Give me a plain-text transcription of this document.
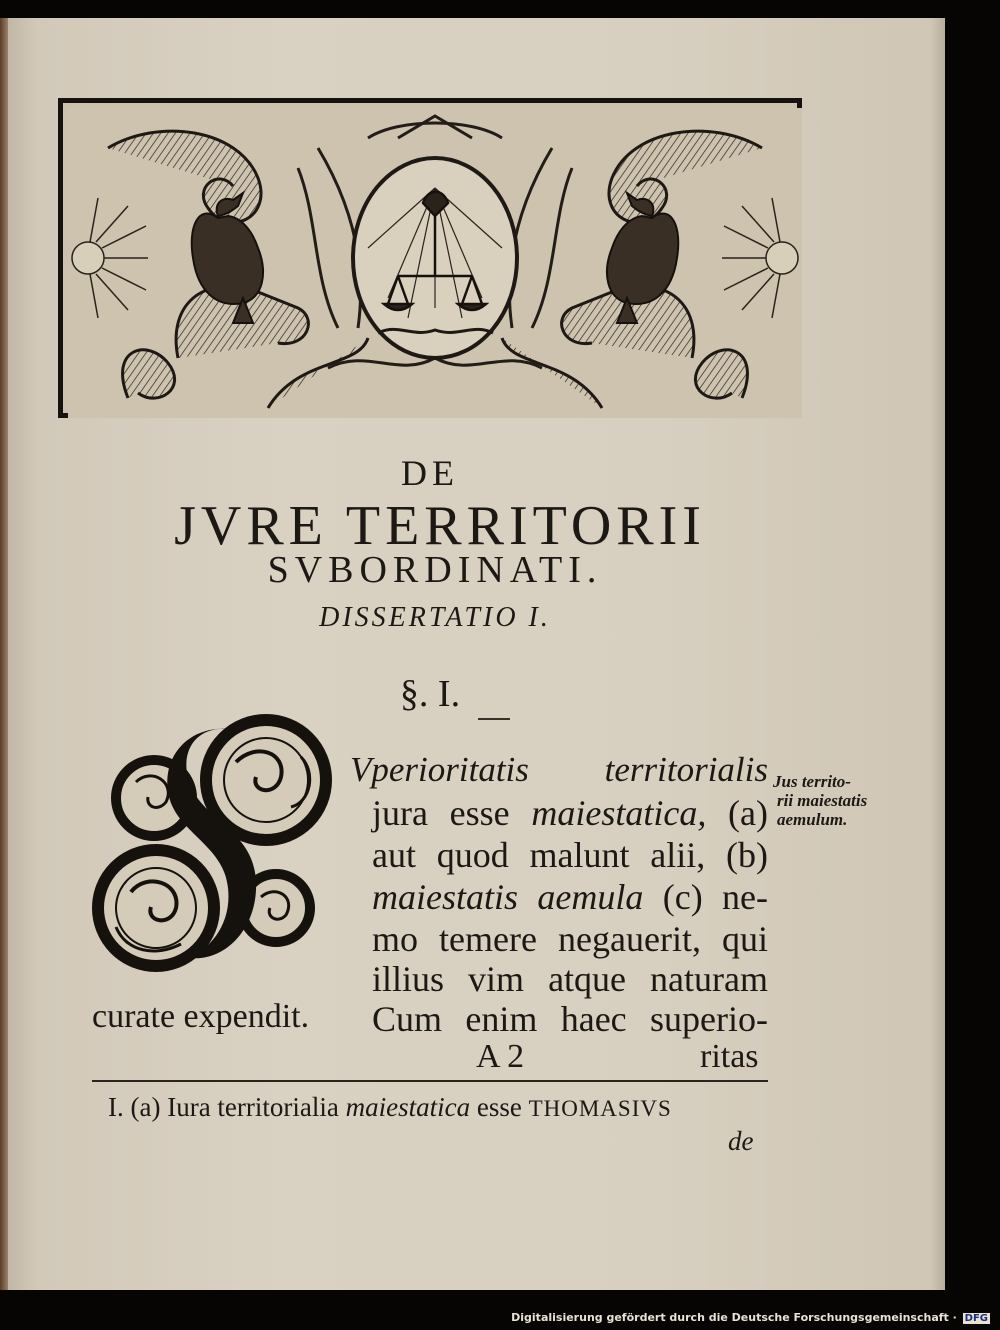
DE
JVRE TERRITORII
SVBORDINATI.
DISSERTATIO I.
§. I.
S
Vperioritatis territorialis
jura esse maiestatica, (a)
aut quod malunt alii, (b)
maiestatis aemula (c) ne-
mo temere negauerit, qui
illius vim atque naturam
curate expendit. Cum enim haec superio-
A 2	ritas
Jus territo-
rii maiestatis
aemulum.
I. (a) Iura territorialia maiestatica esse THOMASIVS
de
Digitalisierung gefördert durch die Deutsche Forschungsgemeinschaft · DFG
